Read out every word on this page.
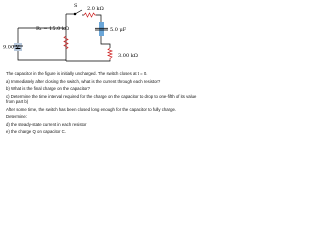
S 2.0 kΩ
R₁ = 15.0 kΩ	5.0 μF
9.00 V
3.00 kΩ

The capacitor in the figure is initially uncharged. The switch closes at t = 0.

a) Immediately after closing the switch, what is the current through each resistor?

b) What is the final charge on the capacitor?

c) Determine the time interval required for the charge on the capacitor to drop to one-fifth of its value from part b)

After some time, the switch has been closed long enough for the capacitor to fully charge.

Determine:

d) the steady-state current in each resistor

e) the charge Q on capacitor C.
